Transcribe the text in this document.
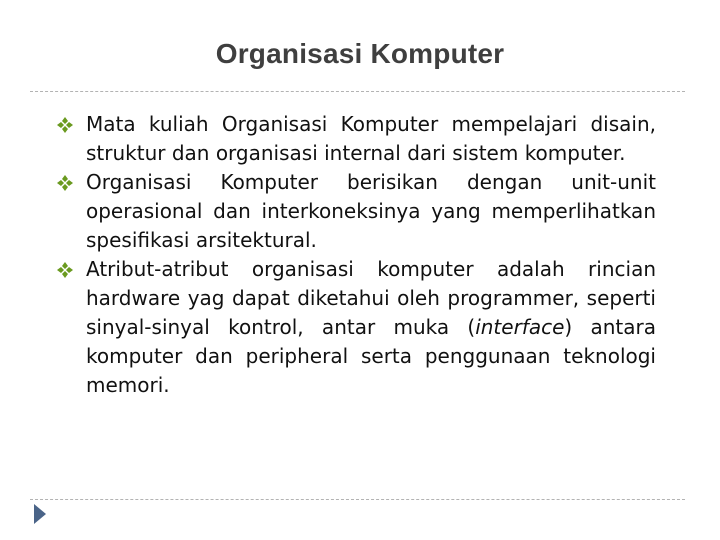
Organisasi Komputer
Mata kuliah Organisasi Komputer mempelajari disain, struktur dan organisasi internal dari sistem komputer.
Organisasi Komputer berisikan dengan unit-unit operasional dan interkoneksinya yang memperlihatkan spesifikasi arsitektural.
Atribut-atribut organisasi komputer adalah rincian hardware yag dapat diketahui oleh programmer, seperti sinyal-sinyal kontrol, antar muka (interface) antara komputer dan peripheral serta penggunaan teknologi memori.
